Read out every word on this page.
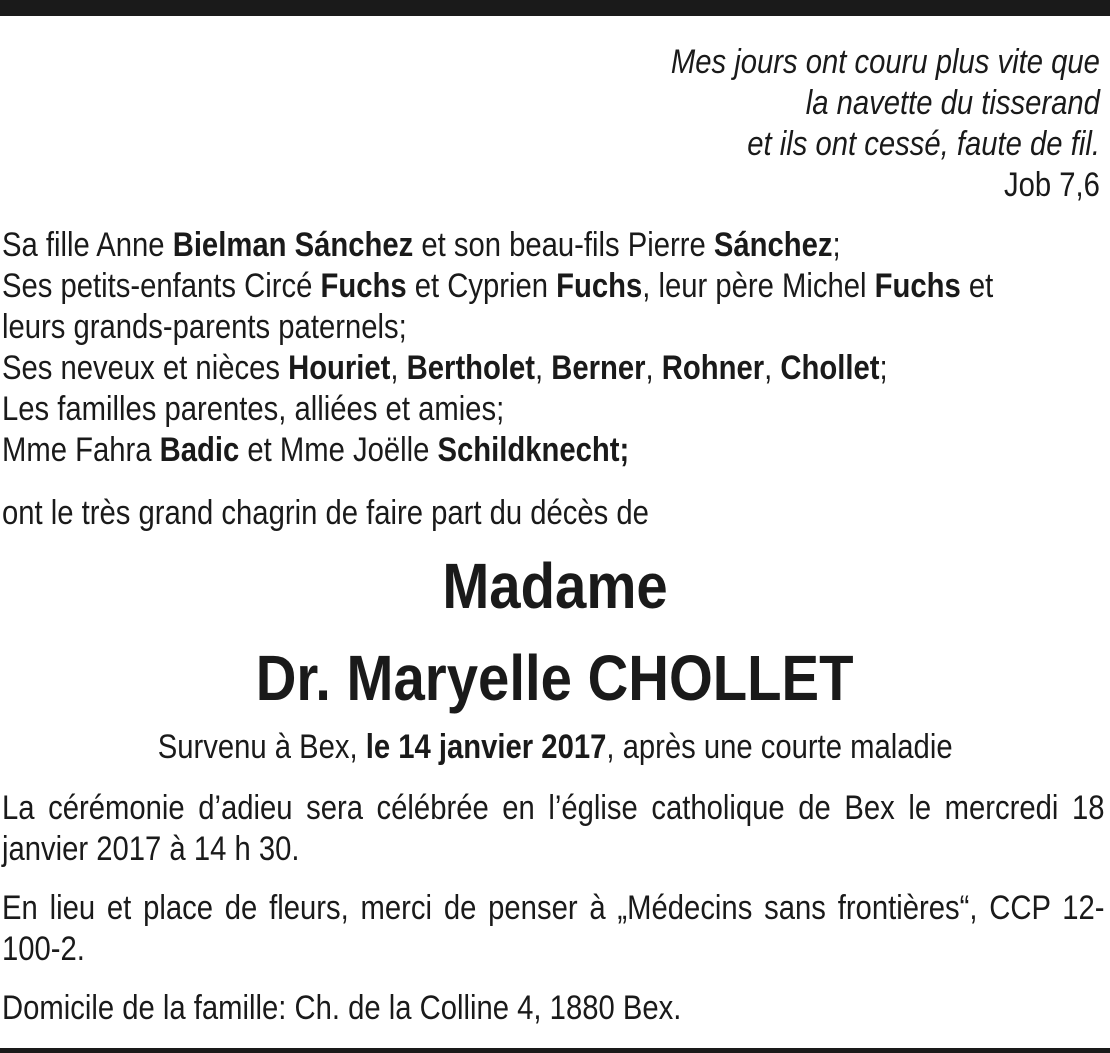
Mes jours ont couru plus vite que
la navette du tisserand
et ils ont cessé, faute de fil.
Job 7,6
Sa fille Anne Bielman Sánchez et son beau-fils Pierre Sánchez;
Ses petits-enfants Circé Fuchs et Cyprien Fuchs, leur père Michel Fuchs et
leurs grands-parents paternels;
Ses neveux et nièces Houriet, Bertholet, Berner, Rohner, Chollet;
Les familles parentes, alliées et amies;
Mme Fahra Badic et Mme Joëlle Schildknecht;
ont le très grand chagrin de faire part du décès de
Madame
Dr. Maryelle CHOLLET
Survenu à Bex, le 14 janvier 2017, après une courte maladie
La cérémonie d’adieu sera célébrée en l’église catholique de Bex le mercredi 18 janvier 2017 à 14 h 30.
En lieu et place de fleurs, merci de penser à „Médecins sans frontières“, CCP 12-100-2.
Domicile de la famille: Ch. de la Colline 4, 1880 Bex.
